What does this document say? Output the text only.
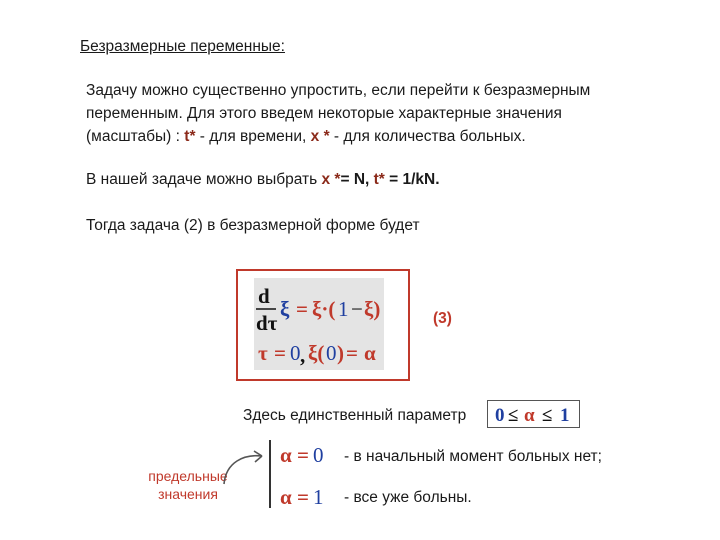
Безразмерные переменные:
Задачу можно существенно упростить, если перейти к безразмерным
переменным. Для этого введем некоторые характерные значения
(масштабы) : t* - для времени, x * - для количества больных.
В нашей задаче можно выбрать x *= N, t* = 1/kN.
Тогда задача (2) в безразмерной форме будет
d
dτ
ξ = ξ·( 1 − ξ)
τ = 0 , ξ( 0 ) = α
(3)
Здесь единственный параметр 0 ≤ α ≤ 1
α = 0 - в начальный момент больных нет;
α = 1 - все уже больны.
предельные
значения
